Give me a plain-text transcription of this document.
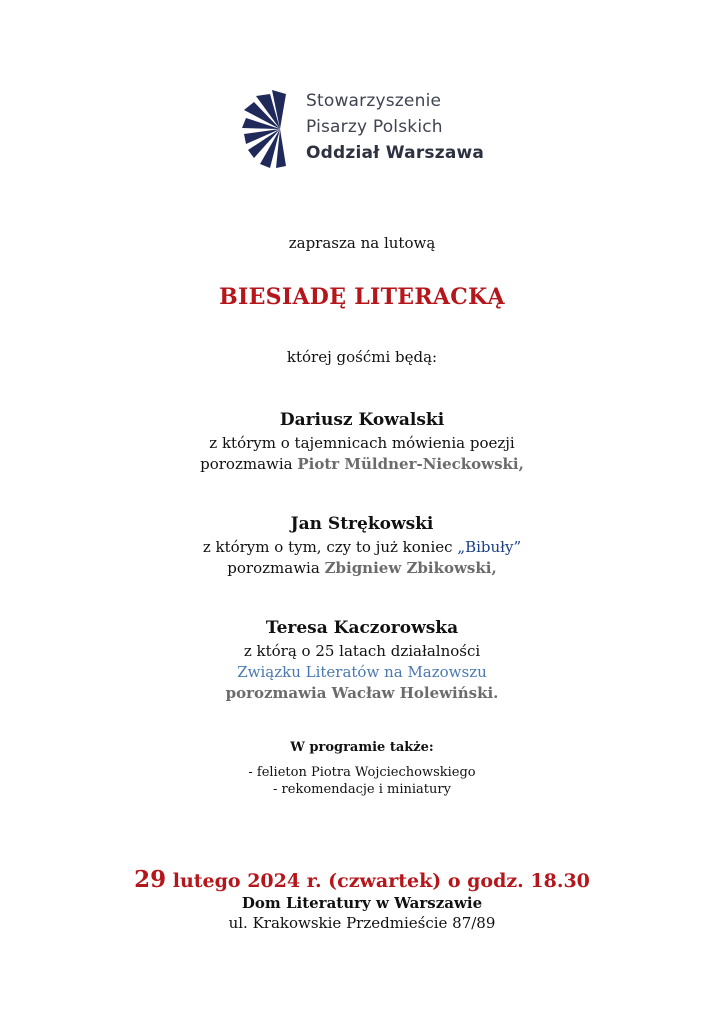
Stowarzyszenie
Pisarzy Polskich
Oddział Warszawa
zaprasza na lutową
BIESIADĘ LITERACKĄ
której gośćmi będą:
Dariusz Kowalski
z którym o tajemnicach mówienia poezji
porozmawia Piotr Müldner-Nieckowski,
Jan Strękowski
z którym o tym, czy to już koniec „Bibuły”
porozmawia Zbigniew Zbikowski,
Teresa Kaczorowska
z którą o 25 latach działalności
Związku Literatów na Mazowszu
porozmawia Wacław Holewiński.
W programie także:
- felieton Piotra Wojciechowskiego
- rekomendacje i miniatury
29 lutego 2024 r. (czwartek) o godz. 18.30
Dom Literatury w Warszawie
ul. Krakowskie Przedmieście 87/89
